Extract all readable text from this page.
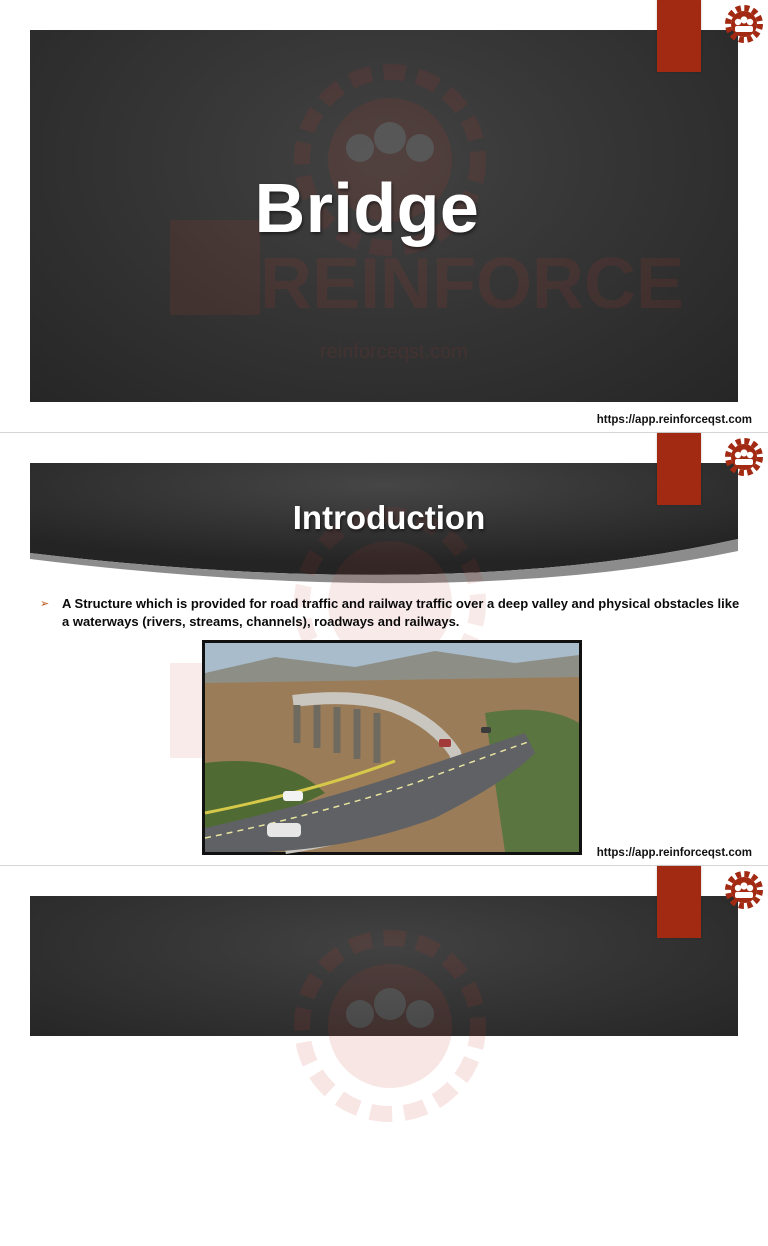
Bridge
https://app.reinforceqst.com
Introduction
➢ A Structure which is provided for road traffic and railway traffic over a deep valley and physical obstacles like a waterways (rivers, streams, channels), roadways and railways.
https://app.reinforceqst.com
